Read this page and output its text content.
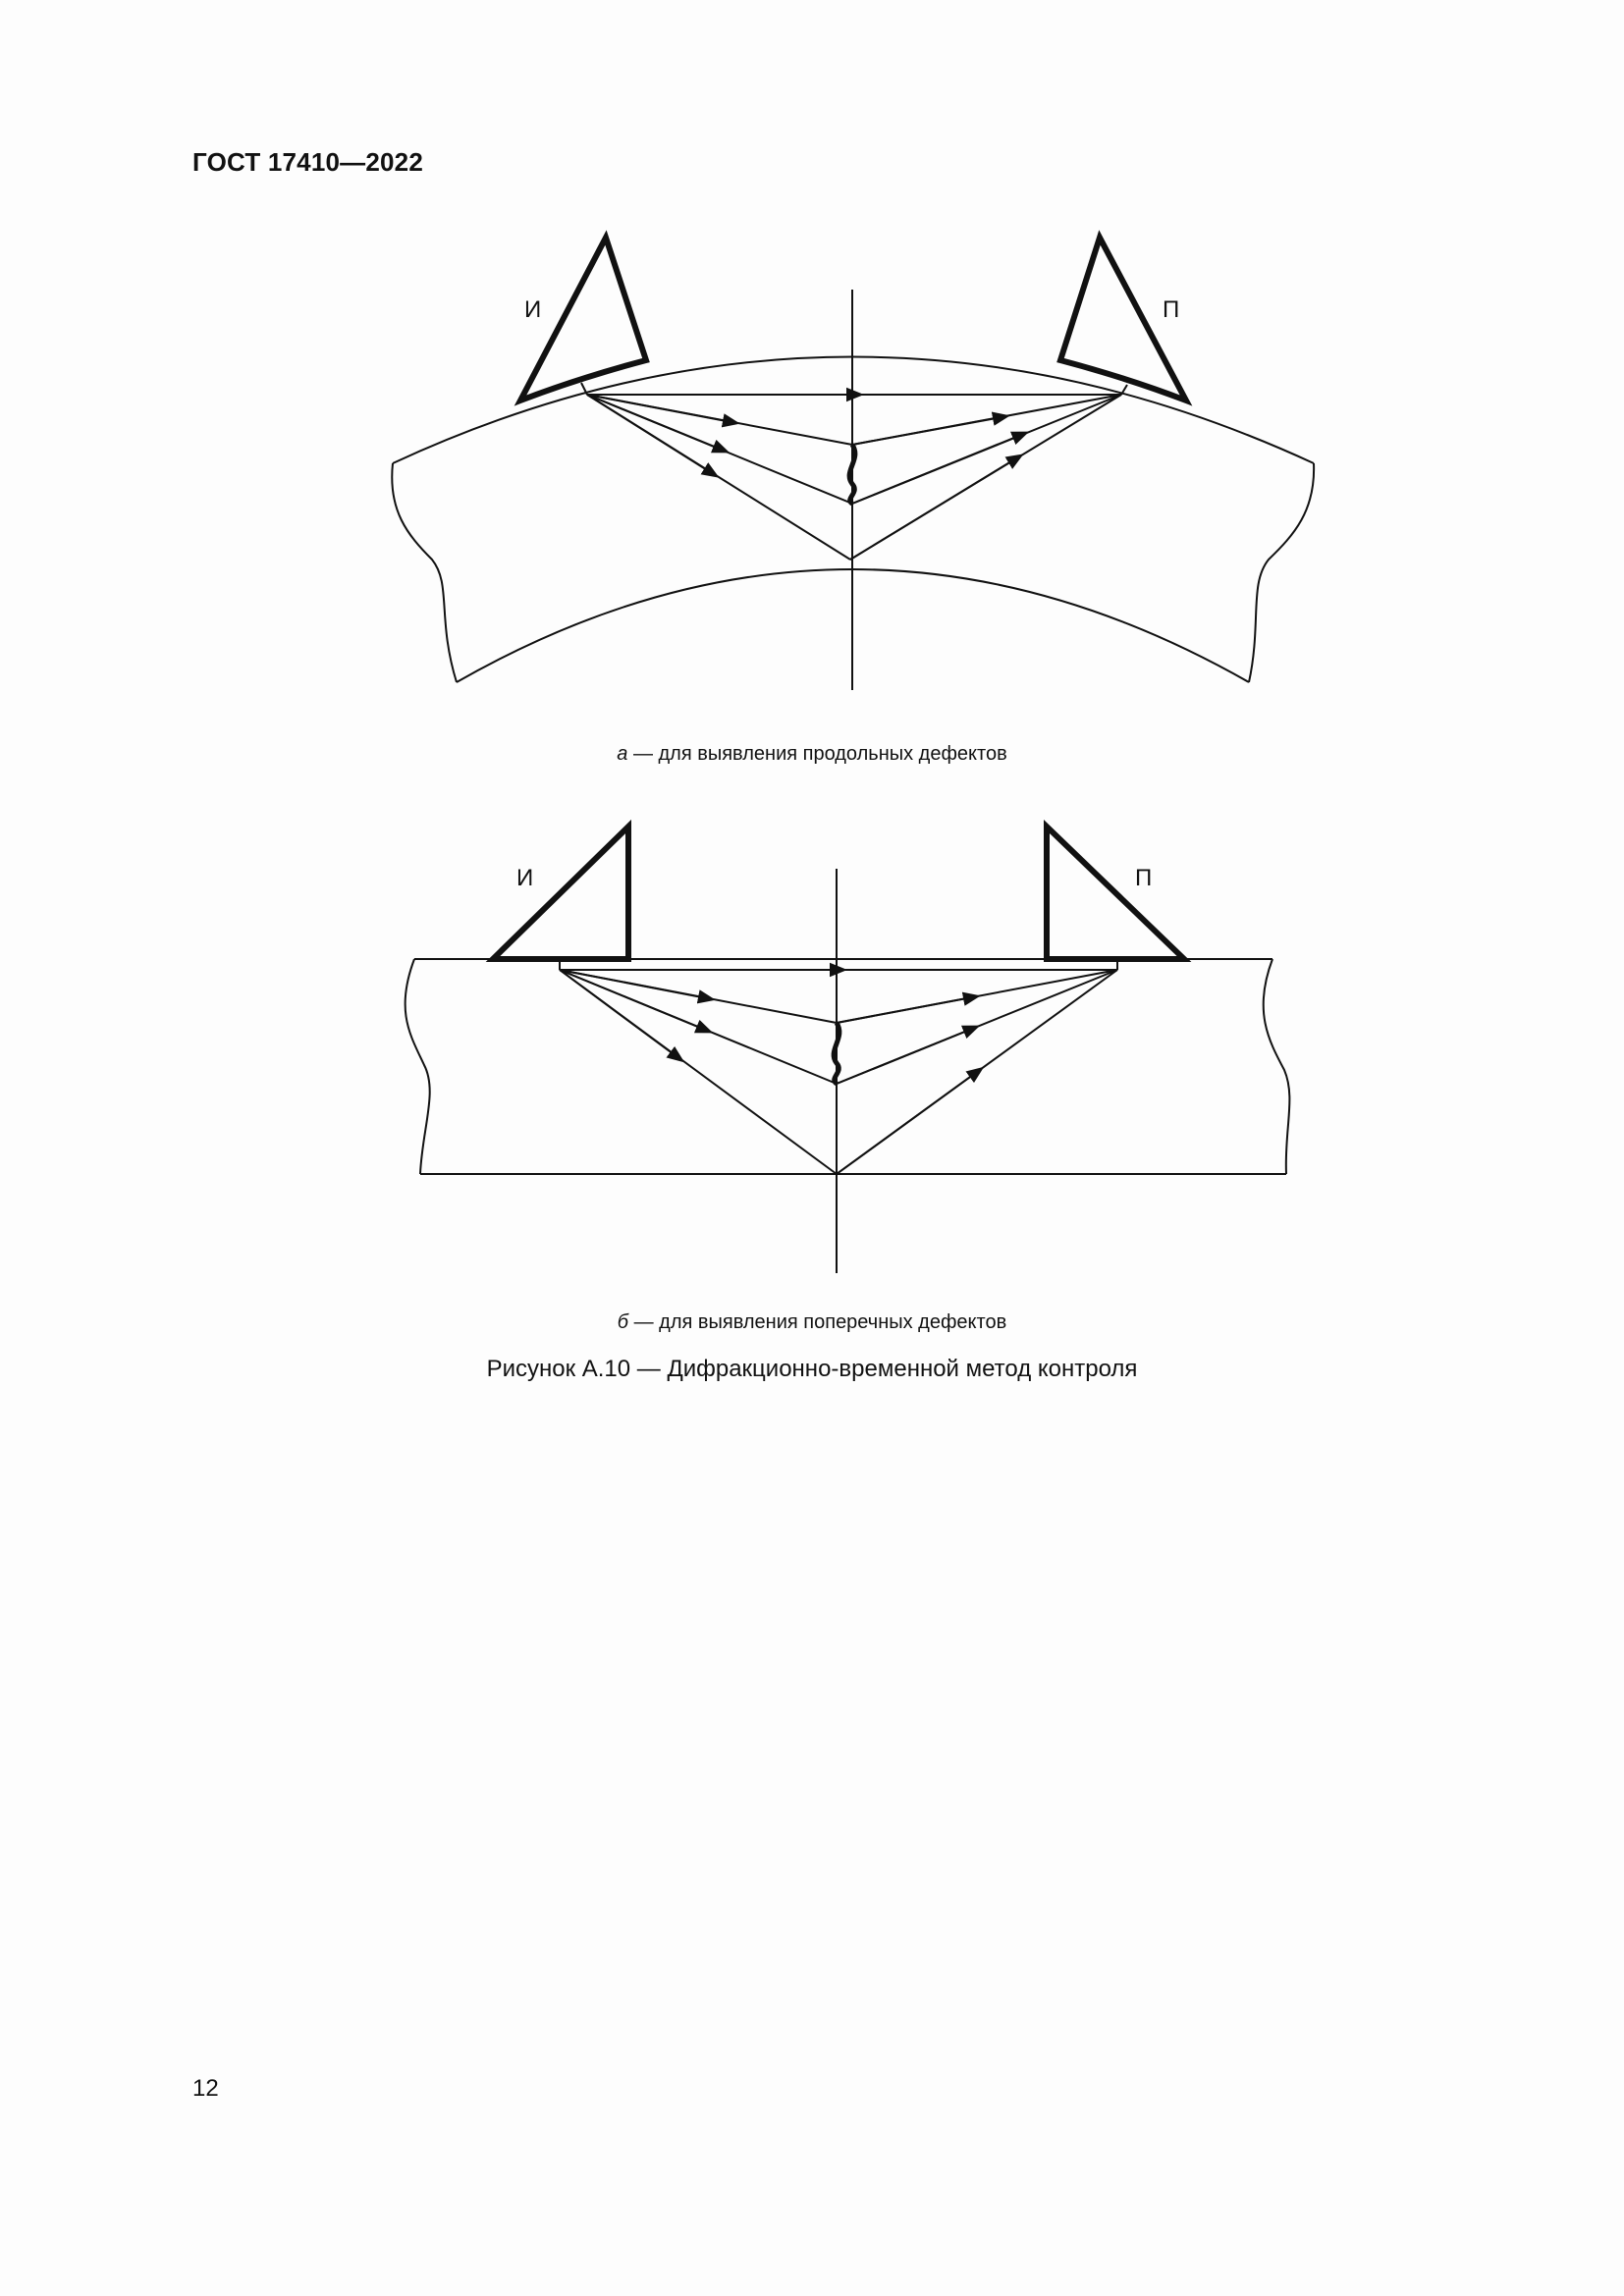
ГОСТ 17410—2022
И	П
а — для выявления продольных дефектов
И	П
б — для выявления поперечных дефектов
Рисунок А.10 — Дифракционно-временной метод контроля
12
